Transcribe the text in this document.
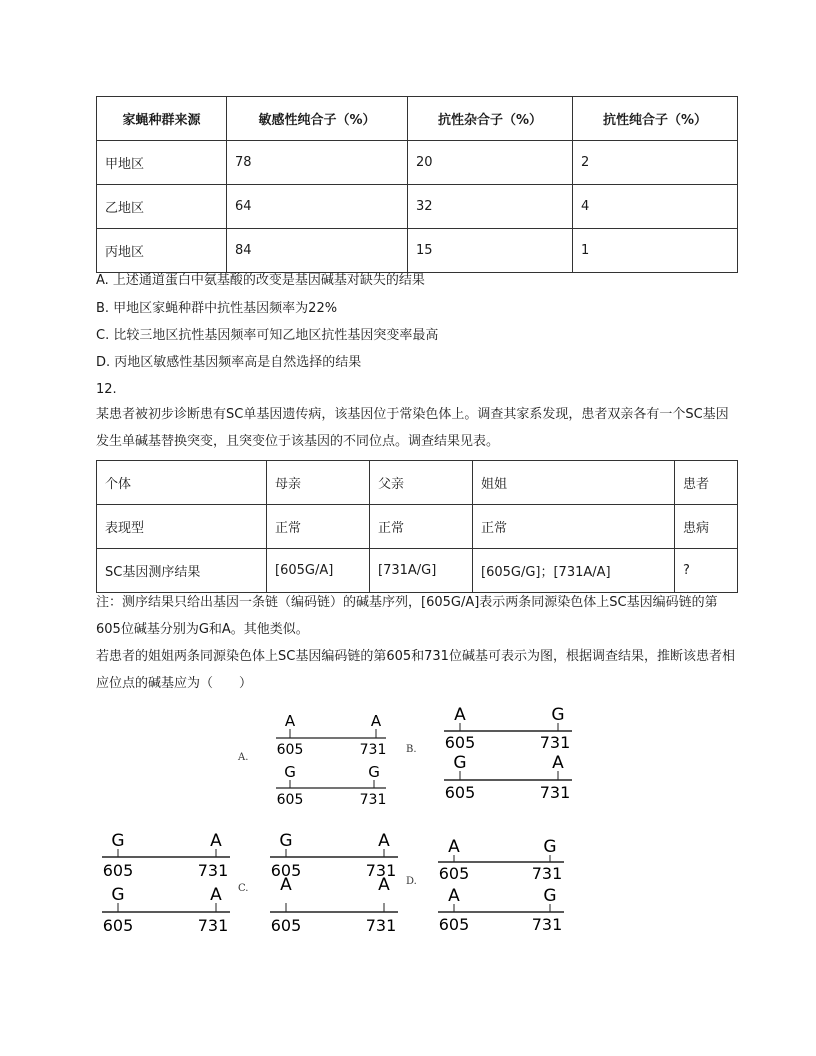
家蝇种群来源	敏感性纯合子（%）	抗性杂合子（%）	抗性纯合子（%）
甲地区	78	20	2
乙地区	64	32	4
丙地区	84	15	1
A. 上述通道蛋白中氨基酸的改变是基因碱基对缺失的结果
B. 甲地区家蝇种群中抗性基因频率为22%
C. 比较三地区抗性基因频率可知乙地区抗性基因突变率最高
D. 丙地区敏感性基因频率高是自然选择的结果
12.
某患者被初步诊断患有SC单基因遗传病，该基因位于常染色体上。调查其家系发现，患者双亲各有一个SC基因发生单碱基替换突变，且突变位于该基因的不同位点。调查结果见表。
个体	母亲	父亲	姐姐	患者
表现型	正常	正常	正常	患病
SC基因测序结果	[605G/A]	[731A/G]	[605G/G]；[731A/A]	?
注：测序结果只给出基因一条链（编码链）的碱基序列，[605G/A]表示两条同源染色体上SC基因编码链的第605位碱基分别为G和A。其他类似。
若患者的姐姐两条同源染色体上SC基因编码链的第605和731位碱基可表示为图，根据调查结果，推断该患者相应位点的碱基应为（　　）
A	A
605	731
G	G
605	731
A.
B.
A	G
605	731
G	A
605	731
G	A
605	731
G	A
605	731
C.
G	A
605	731
A	A
605	731
D.
A	G
605	731
A	G
605	731
